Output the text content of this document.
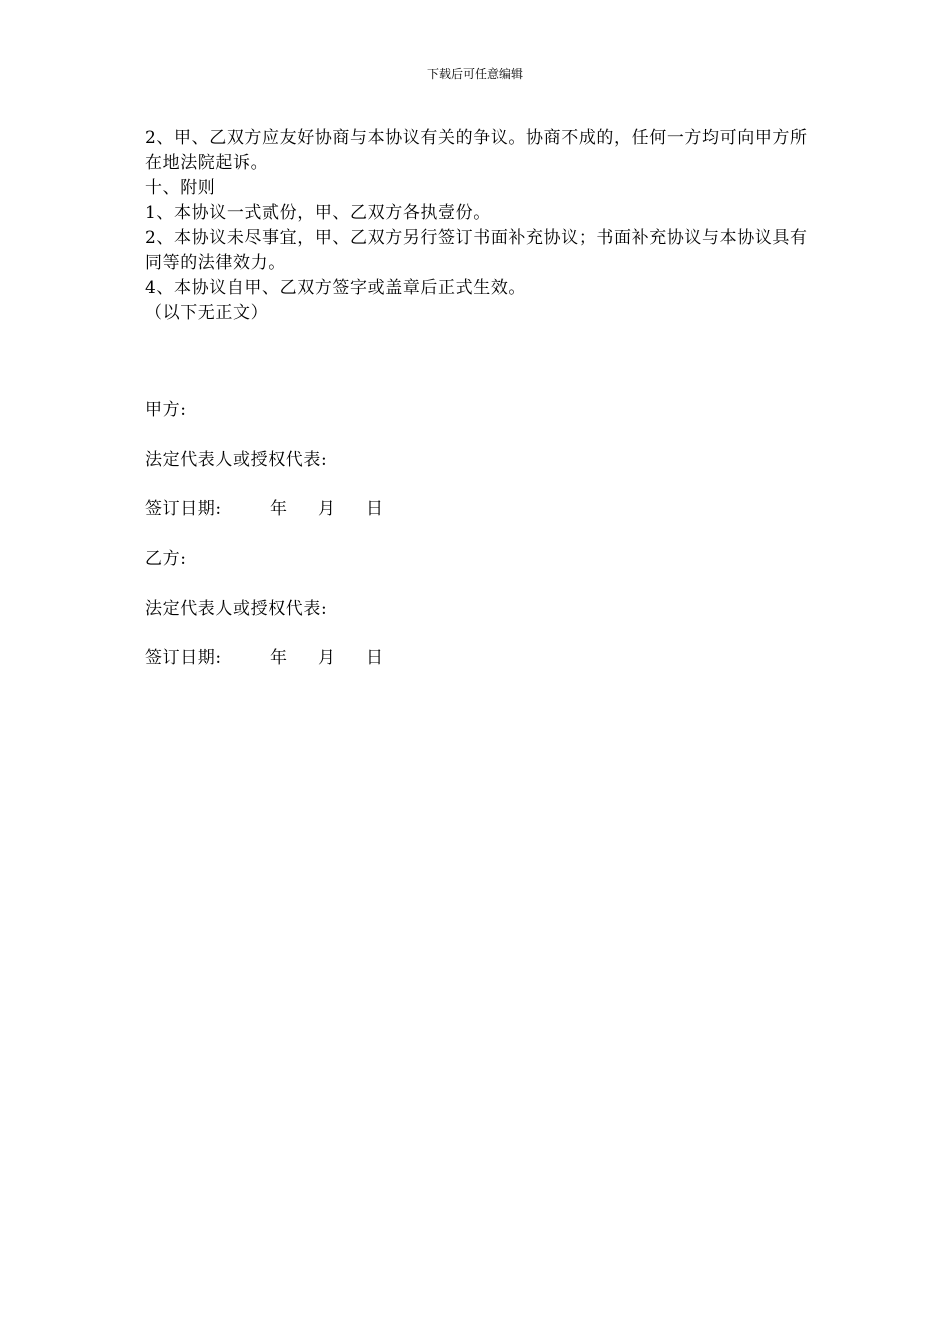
下载后可任意编辑

2、甲、乙双方应友好协商与本协议有关的争议。协商不成的，任何一方均可向甲方所在地法院起诉。

十、附则

1、本协议一式贰份，甲、乙双方各执壹份。

2、本协议未尽事宜，甲、乙双方另行签订书面补充协议；书面补充协议与本协议具有同等的法律效力。

4、本协议自甲、乙双方签字或盖章后正式生效。

（以下无正文）

甲方:
法定代表人或授权代表:
签订日期:	年 月 日
乙方:
法定代表人或授权代表:
签订日期:	年 月 日
